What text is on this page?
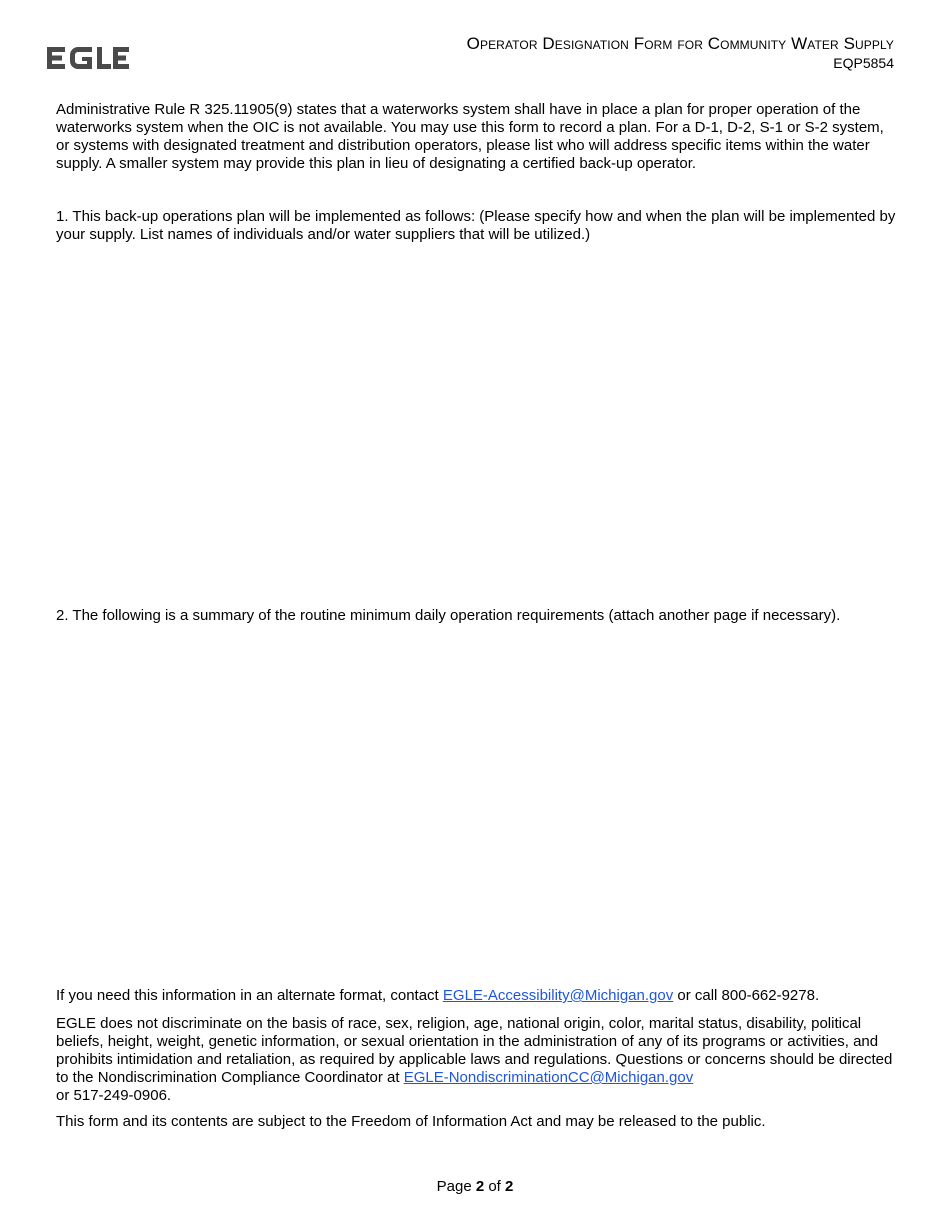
Operator Designation Form for Community Water Supply
EQP5854

Administrative Rule R 325.11905(9) states that a waterworks system shall have in place a plan for proper operation of the waterworks system when the OIC is not available. You may use this form to record a plan. For a D-1, D-2, S-1 or S-2 system, or systems with designated treatment and distribution operators, please list who will address specific items within the water supply. A smaller system may provide this plan in lieu of designating a certified back-up operator.

1. This back-up operations plan will be implemented as follows: (Please specify how and when the plan will be implemented by your supply. List names of individuals and/or water suppliers that will be utilized.)

2. The following is a summary of the routine minimum daily operation requirements (attach another page if necessary).

If you need this information in an alternate format, contact EGLE-Accessibility@Michigan.gov or call 800-662-9278.

EGLE does not discriminate on the basis of race, sex, religion, age, national origin, color, marital status, disability, political beliefs, height, weight, genetic information, or sexual orientation in the administration of any of its programs or activities, and prohibits intimidation and retaliation, as required by applicable laws and regulations. Questions or concerns should be directed to the Nondiscrimination Compliance Coordinator at EGLE-NondiscriminationCC@Michigan.gov
or 517-249-0906.

This form and its contents are subject to the Freedom of Information Act and may be released to the public.

Page 2 of 2
